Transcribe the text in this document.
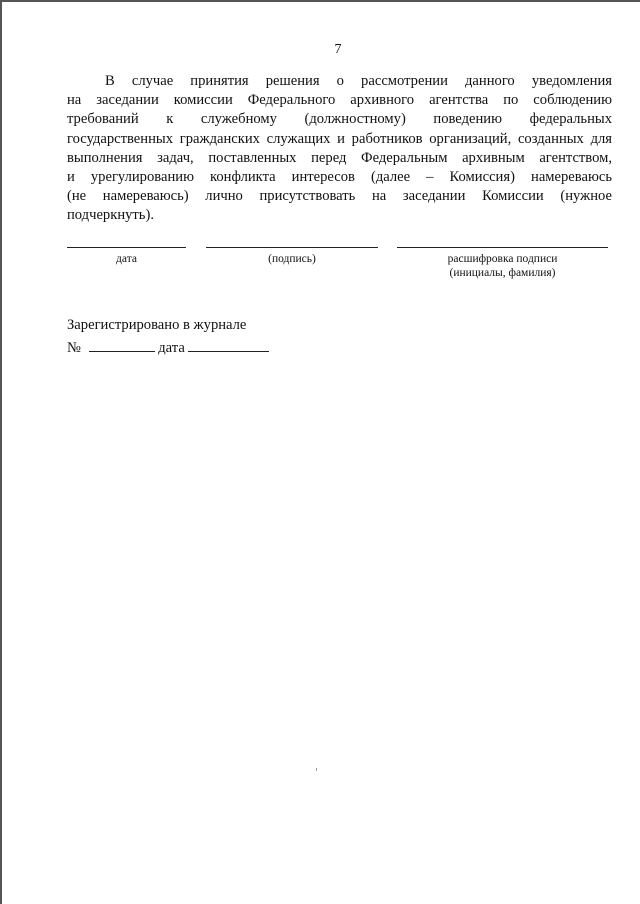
7

В случае принятия решения о рассмотрении данного уведомления
на заседании комиссии Федерального архивного агентства по соблюдению
требований к служебному (должностному) поведению федеральных
государственных гражданских служащих и работников организаций, созданных для
выполнения задач, поставленных перед Федеральным архивным агентством,
и урегулированию конфликта интересов (далее – Комиссия) намереваюсь
(не намереваюсь) лично присутствовать на заседании Комиссии (нужное
подчеркнуть).

дата	(подпись)	расшифровка подписи
(инициалы, фамилия)
Зарегистрировано в журнале
№	дата
